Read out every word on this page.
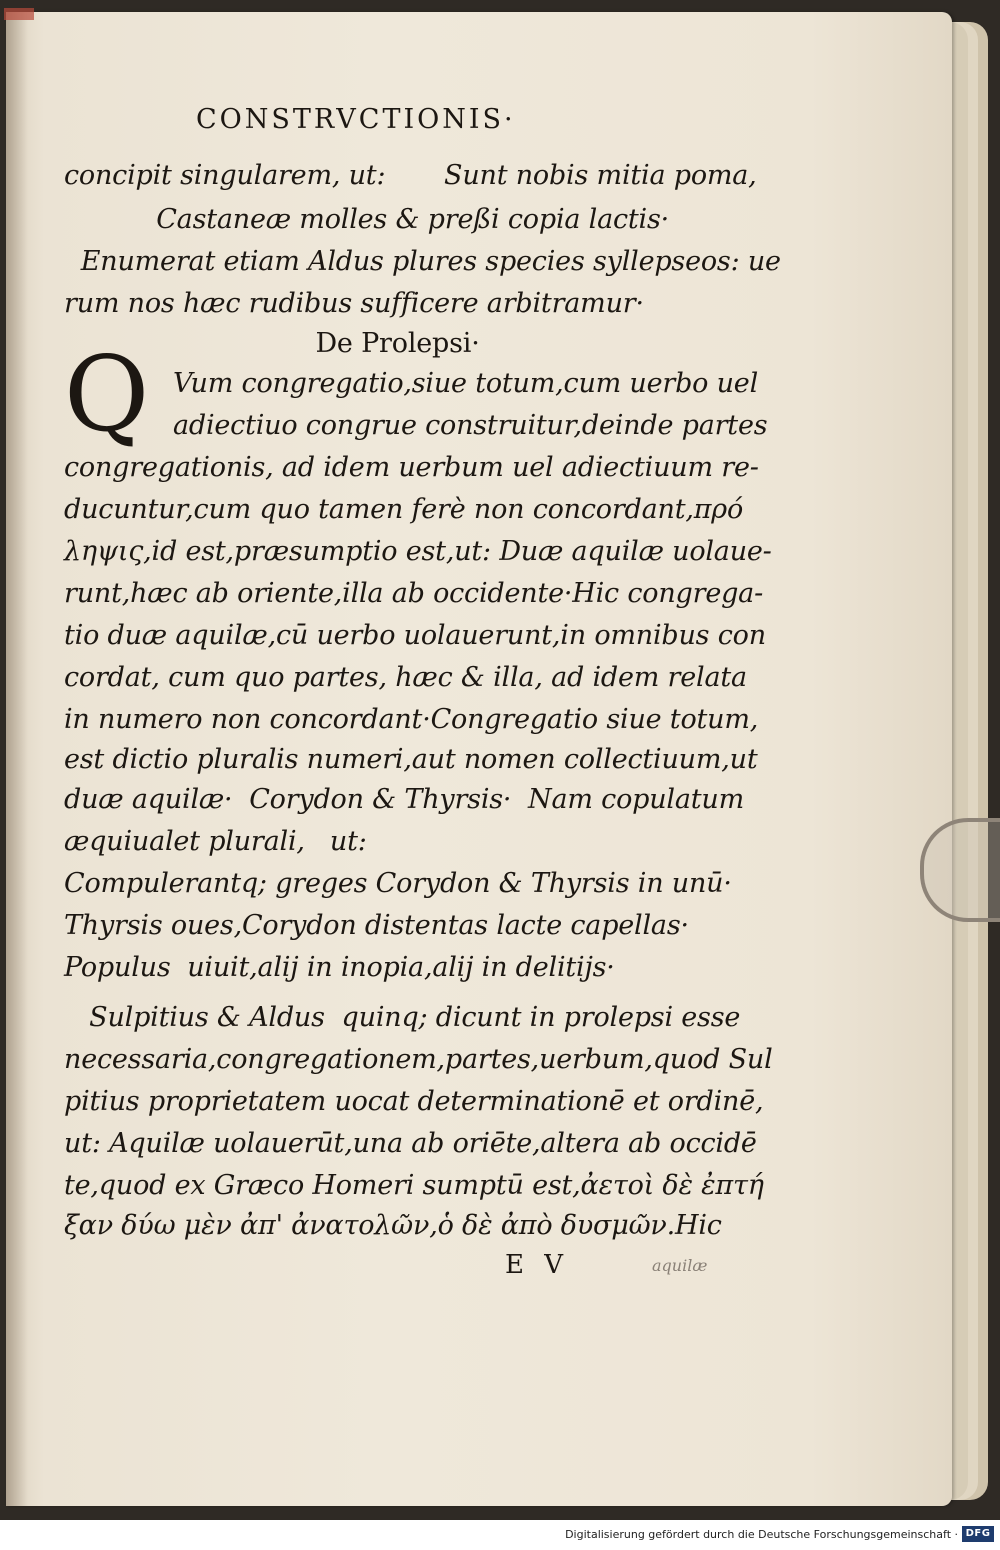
CONSTRVCTIONIS·
Q
concipit singularem, ut:       Sunt nobis mitia poma,
Castaneæ molles & preßi copia lactis·
Enumerat etiam Aldus plures species syllepseos: ue
rum nos hæc rudibus sufficere arbitramur·
De Prolepsi·
Vum congregatio,siue totum,cum uerbo uel
adiectiuo congrue construitur,deinde partes
congregationis, ad idem uerbum uel adiectiuum re-
ducuntur,cum quo tamen ferè non concordant,πρό
ληψις,id est,præsumptio est,ut: Duæ aquilæ uolaue-
runt,hæc ab oriente,illa ab occidente·Hic congrega-
tio duæ aquilæ,cū uerbo uolauerunt,in omnibus con
cordat, cum quo partes, hæc & illa, ad idem relata
in numero non concordant·Congregatio siue totum,
est dictio pluralis numeri,aut nomen collectiuum,ut
duæ aquilæ·  Corydon & Thyrsis·  Nam copulatum
æquiualet plurali,   ut:
Compulerantq; greges Corydon & Thyrsis in unū·
Thyrsis oues,Corydon distentas lacte capellas·
Populus  uiuit,alij in inopia,alij in delitijs·
Sulpitius & Aldus  quinq; dicunt in prolepsi esse
necessaria,congregationem,partes,uerbum,quod Sul
pitius proprietatem uocat determinationē et ordinē,
ut: Aquilæ uolauerūt,una ab oriēte,altera ab occidē
te,quod ex Græco Homeri sumptū est,ἀετοὶ δὲ ἐπτή
ξαν δύω μὲν ἀπ' ἀνατολῶν,ὁ δὲ ἀπὸ δυσμῶν.Hic
E V	aquilæ
Digitalisierung gefördert durch die Deutsche Forschungsgemeinschaft · DFG
